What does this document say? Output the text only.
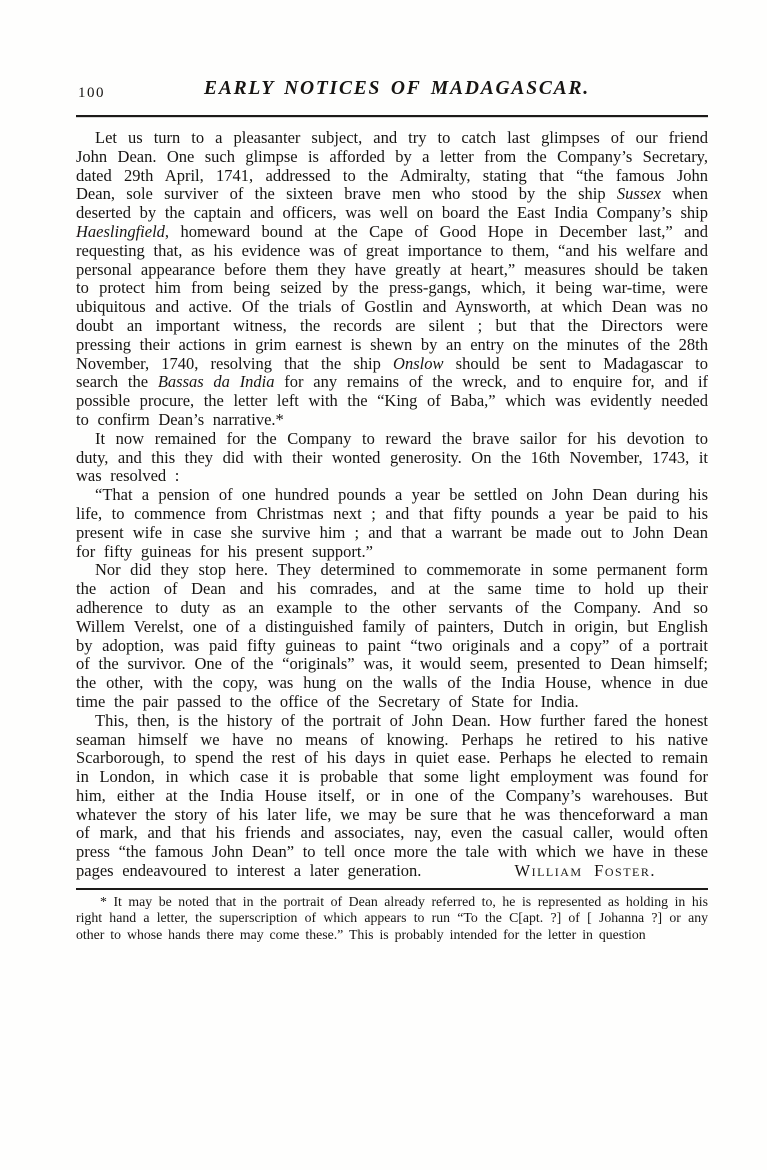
100	EARLY NOTICES OF MADAGASCAR.

Let us turn to a pleasanter subject, and try to catch last glimpses of our friend John Dean. One such glimpse is afforded by a letter from the Company’s Secretary, dated 29th April, 1741, addressed to the Admiralty, stating that “the famous John Dean, sole surviver of the sixteen brave men who stood by the ship Sussex when deserted by the captain and officers, was well on board the East India Company’s ship Haeslingfield, homeward bound at the Cape of Good Hope in December last,” and requesting that, as his evidence was of great importance to them, “and his welfare and personal appearance before them they have greatly at heart,” measures should be taken to protect him from being seized by the press-gangs, which, it being war-time, were ubiquitous and active. Of the trials of Gostlin and Aynsworth, at which Dean was no doubt an important witness, the records are silent ; but that the Directors were pressing their actions in grim earnest is shewn by an entry on the minutes of the 28th November, 1740, resolving that the ship Onslow should be sent to Madagascar to search the Bassas da India for any remains of the wreck, and to enquire for, and if possible procure, the letter left with the “King of Baba,” which was evidently needed to confirm Dean’s narrative.*

It now remained for the Company to reward the brave sailor for his devotion to duty, and this they did with their wonted generosity. On the 16th November, 1743, it was resolved :

“That a pension of one hundred pounds a year be settled on John Dean during his life, to commence from Christmas next ; and that fifty pounds a year be paid to his present wife in case she survive him ; and that a warrant be made out to John Dean for fifty guineas for his present support.”

Nor did they stop here. They determined to commemorate in some permanent form the action of Dean and his comrades, and at the same time to hold up their adherence to duty as an example to the other servants of the Company. And so Willem Verelst, one of a distinguished family of painters, Dutch in origin, but English by adoption, was paid fifty guineas to paint “two originals and a copy” of a portrait of the survivor. One of the “originals” was, it would seem, presented to Dean himself; the other, with the copy, was hung on the walls of the India House, whence in due time the pair passed to the office of the Secretary of State for India.

This, then, is the history of the portrait of John Dean. How further fared the honest seaman himself we have no means of knowing. Perhaps he retired to his native Scarborough, to spend the rest of his days in quiet ease. Perhaps he elected to remain in London, in which case it is probable that some light employment was found for him, either at the India House itself, or in one of the Company’s warehouses. But whatever the story of his later life, we may be sure that he was thenceforward a man of mark, and that his friends and associates, nay, even the casual caller, would often press “the famous John Dean” to tell once more the tale with which we have in these pages endeavoured to interest a later generation.	William Foster.

* It may be noted that in the portrait of Dean already referred to, he is represented as holding in his right hand a letter, the superscription of which appears to run “To the C[apt. ?] of [ Johanna ?] or any other to whose hands there may come these.” This is probably intended for the letter in question
